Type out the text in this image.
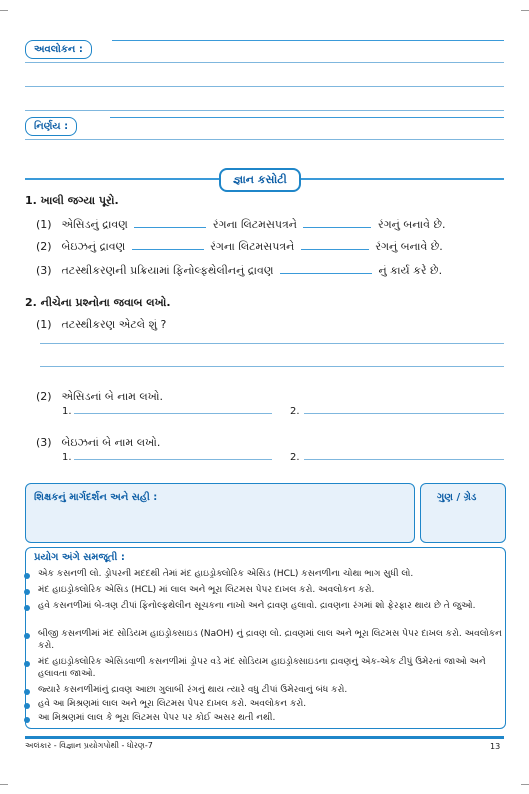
અવલોકન :
નિર્ણય :
જ્ઞાન કસોટી
1. ખાલી જગ્યા પૂરો.
(1) એસિડનું દ્રાવણ	રંગના લિટમસપત્રને	રંગનું બનાવે છે.
(2) બેઇઝનું દ્રાવણ	રંગના લિટમસપત્રને	રંગનું બનાવે છે.
(3) તટસ્થીકરણની પ્રક્રિયામાં ફિનોલ્ફથેલીનનું દ્રાવણ	નું કાર્ય કરે છે.
2. નીચેના પ્રશ્નોના જવાબ લખો.
(1) તટસ્થીકરણ એટલે શું ?
(2) એસિડનાં બે નામ લખો.
1.	2.
(3) બેઇઝનાં બે નામ લખો.
1.	2.
શિક્ષકનું માર્ગદર્શન અને સહી :	ગુણ / ગ્રેડ
પ્રયોગ અંગે સમજૂતી :
એક કસનળી લો. ડ્રોપરની મદદથી તેમાં મંદ હાઇડ્રોક્લોરિક એસિડ (HCL) કસનળીના ચોથા ભાગ સુધી લો.
મંદ હાઇડ્રોક્લોરિક એસિડ (HCL) માં લાલ અને ભૂરા લિટમસ પેપર દાખલ કરો. અવલોકન કરો.
હવે કસનળીમાં બે-ત્રણ ટીપાં ફિનોલ્ફથેલીન સૂચકના નાખો અને દ્રાવણ હલાવો. દ્રાવણના રંગમાં શો ફેરફાર થાય છે તે જુઓ.
બીજી કસનળીમાં મંદ સોડિયમ હાઇડ્રોક્સાઇડ (NaOH) નું દ્રાવણ લો. દ્રાવણમાં લાલ અને ભૂરા લિટમસ પેપર દાખલ કરો. અવલોકન કરો.
મંદ હાઇડ્રોક્લોરિક એસિડવાળી કસનળીમાં ડ્રોપર વડે મંદ સોડિયમ હાઇડ્રોક્સાઇડના દ્રાવણનું એક-એક ટીપું ઉમેરતાં જાઓ અને હલાવતા જાઓ.
જ્યારે કસનળીમાંનું દ્રાવણ આછા ગુલાબી રંગનું થાય ત્યારે વધુ ટીપાં ઉમેરવાનું બંધ કરો.
હવે આ મિશ્રણમાં લાલ અને ભૂરા લિટમસ પેપર દાખલ કરો. અવલોકન કરો.
આ મિશ્રણમાં લાલ કે ભૂરા લિટમસ પેપર પર કોઈ અસર થતી નથી.
અલંકાર - વિજ્ઞાન પ્રયોગપોથી - ધોરણ-7	13
